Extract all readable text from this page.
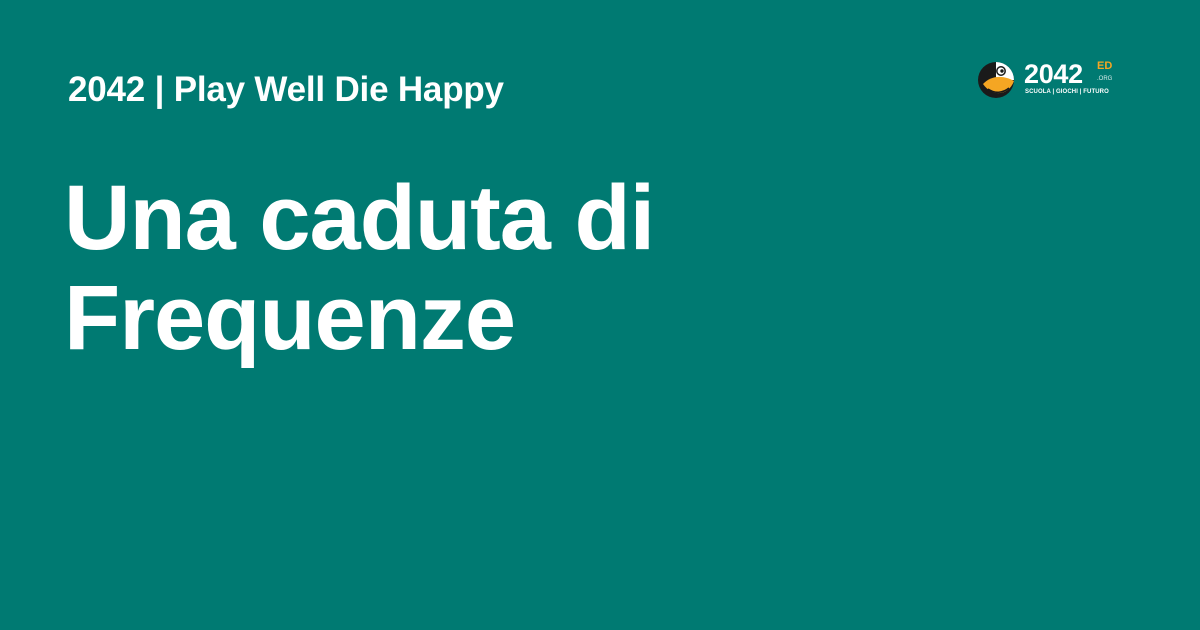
2042 | Play Well Die Happy
Una caduta di
Frequenze
2042 ED
.ORG
SCUOLA | GIOCHI | FUTURO
